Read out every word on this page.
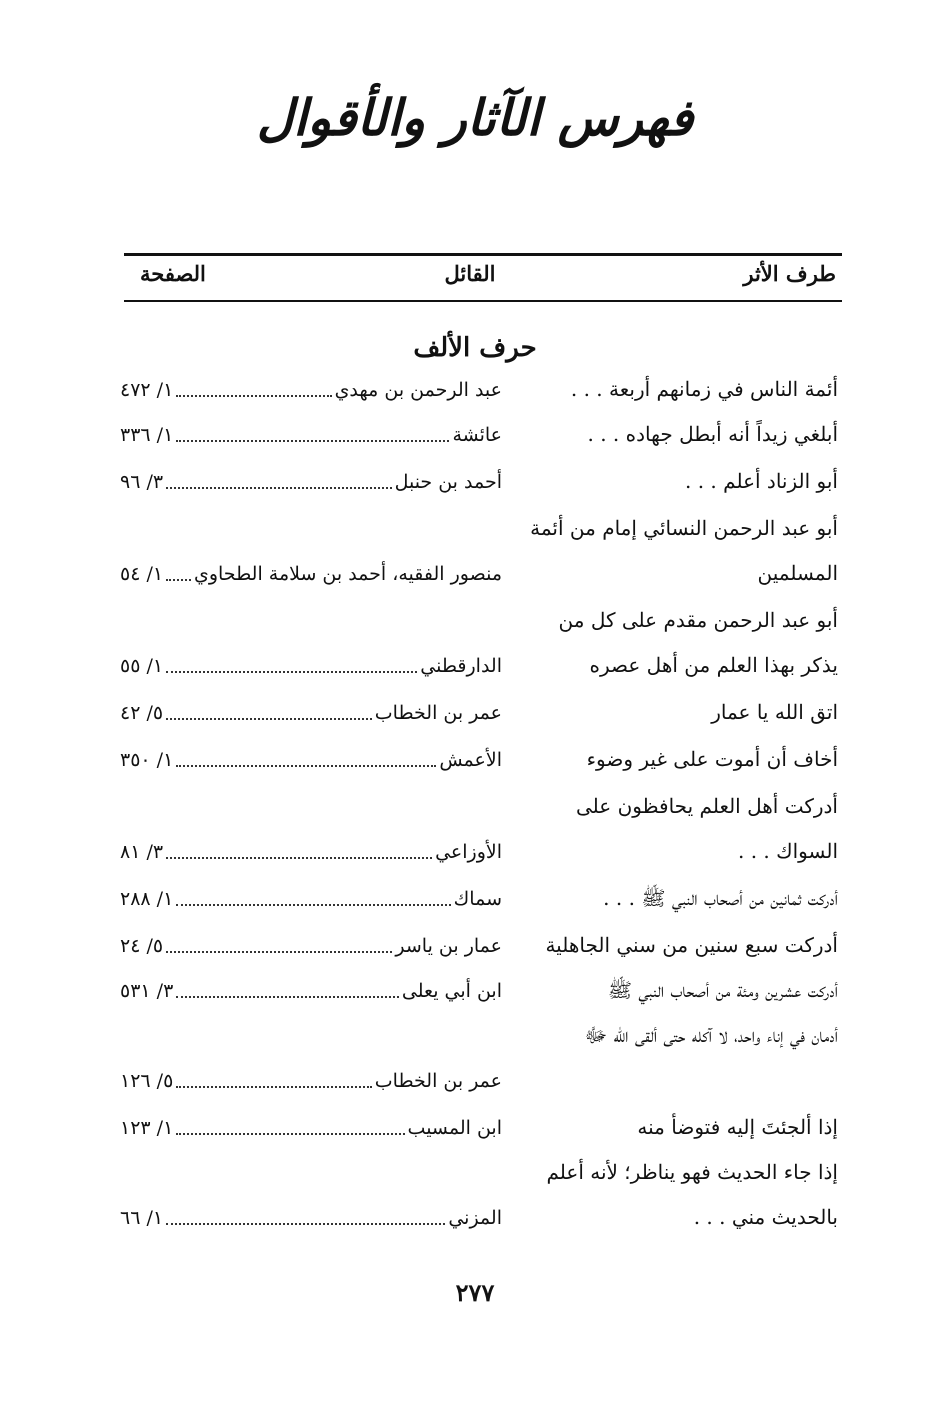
فهرس الآثار والأقوال
طرف الأثر
القائل
الصفحة
حرف الألف
أئمة الناس في زمانهم أربعة . . .
عبد الرحمن بن مهدي
١/ ٤٧٢
أبلغي زيداً أنه أبطل جهاده . . .
عائشة
١/ ٣٣٦
أبو الزناد أعلم . . .
أحمد بن حنبل
٣/ ٩٦
أبو عبد الرحمن النسائي إمام من أئمة المسلمين
منصور الفقيه، أحمد بن سلامة الطحاوي
١/ ٥٤
أبو عبد الرحمن مقدم على كل من يذكر بهذا العلم من أهل عصره
الدارقطني
١/ ٥٥
اتق الله يا عمار
عمر بن الخطاب
٥/ ٤٢
أخاف أن أموت على غير وضوء
الأعمش
١/ ٣٥٠
أدركت أهل العلم يحافظون على السواك . . .
الأوزاعي
٣/ ٨١
أدركت ثمانين من أصحاب النبي ﷺ . . .
سماك
١/ ٢٨٨
أدركت سبع سنين من سني الجاهلية
عمار بن ياسر
٥/ ٢٤
أدركت عشرين ومئة من أصحاب النبي ﷺ
ابن أبي يعلى
٣/ ٥٣١
أدمان في إناء واحد، لا آكله حتى ألقى الله ﷻ
عمر بن الخطاب
٥/ ١٢٦
إذا ألجئتَ إليه فتوضأ منه
ابن المسيب
١/ ١٢٣
إذا جاء الحديث فهو يناظر؛ لأنه أعلم بالحديث مني . . .
المزني
١/ ٦٦
٢٧٧
